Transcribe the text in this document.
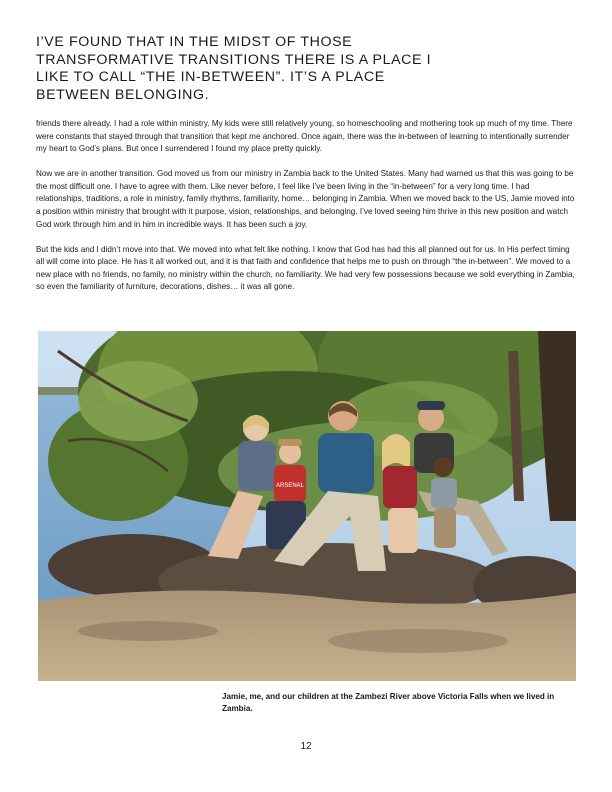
I’VE FOUND THAT IN THE MIDST OF THOSE TRANSFORMATIVE TRANSITIONS THERE IS A PLACE I LIKE TO CALL “THE IN-BETWEEN”. IT’S A PLACE BETWEEN BELONGING.

friends there already. I had a role within ministry. My kids were still relatively young, so homeschooling and mothering took up much of my time. There were constants that stayed through that transition that kept me anchored. Once again, there was the in-between of learning to intentionally surrender my heart to God’s plans. But once I surrendered I found my place pretty quickly.

Now we are in another transition. God moved us from our ministry in Zambia back to the United States. Many had warned us that this was going to be the most difficult one. I have to agree with them. Like never before, I feel like I’ve been living in the “in-between” for a very long time. I had relationships, traditions, a role in ministry, family rhythms, familiarity, home… belonging in Zambia. When we moved back to the US, Jamie moved into a position within ministry that brought with it purpose, vision, relationships, and belonging. I’ve loved seeing him thrive in this new position and watch God work through him and in him in incredible ways. It has been such a joy.

But the kids and I didn’t move into that. We moved into what felt like nothing. I know that God has had this all planned out for us. In His perfect timing all will come into place. He has it all worked out, and it is that faith and confidence that helps me to push on through “the in-between”. We moved to a new place with no friends, no family, no ministry within the church, no familiarity. We had very few possessions because we sold everything in Zambia, so even the familiarity of furniture, decorations, dishes… it was all gone.

ARSENAL
Jamie, me, and our children at the Zambezi River above Victoria Falls when we lived in Zambia.
12
